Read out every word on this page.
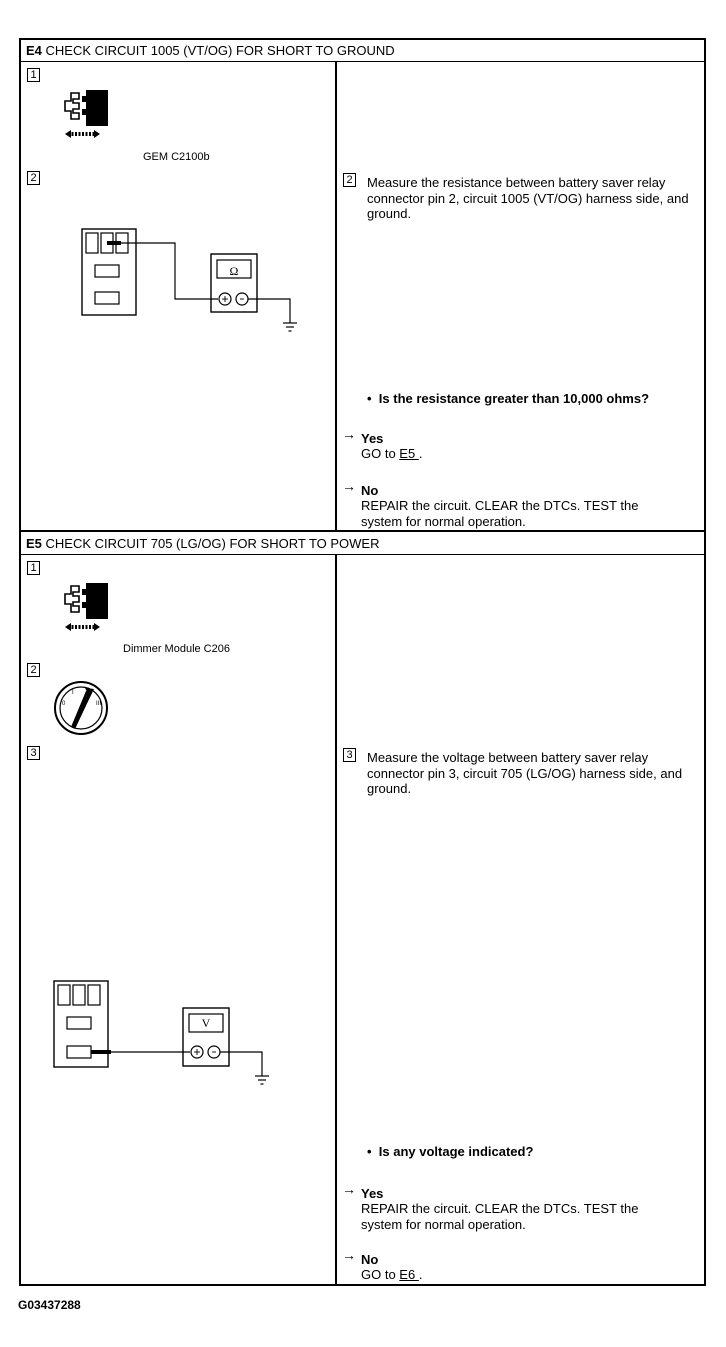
E4 CHECK CIRCUIT 1005 (VT/OG) FOR SHORT TO GROUND
1
GEM C2100b
2
Ω
2 Measure the resistance between battery saver relay connector pin 2, circuit 1005 (VT/OG) harness side, and ground.
• Is the resistance greater than 10,000 ohms?
→ Yes
GO to E5 .
→ No
REPAIR the circuit. CLEAR the DTCs. TEST the system for normal operation.
E5 CHECK CIRCUIT 705 (LG/OG) FOR SHORT TO POWER
1
Dimmer Module C206
2
0
I
III
3
V
3 Measure the voltage between battery saver relay connector pin 3, circuit 705 (LG/OG) harness side, and ground.
• Is any voltage indicated?
→ Yes
REPAIR the circuit. CLEAR the DTCs. TEST the system for normal operation.
→ No
GO to E6 .
G03437288
